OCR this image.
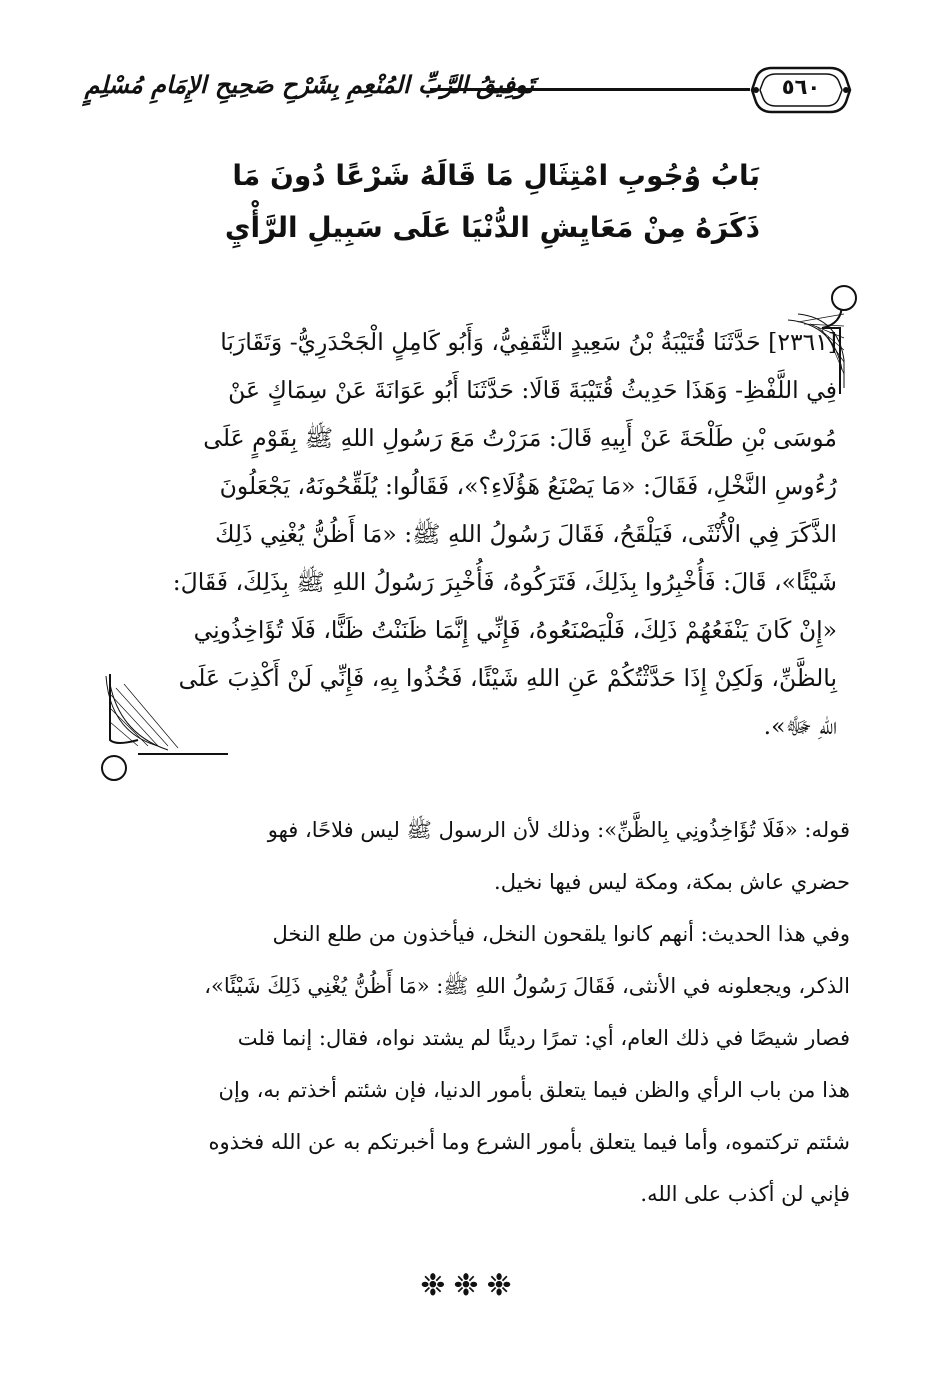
تَوفِيقُ الرَّبِّ المُنْعِمِ بِشَرْحِ صَحِيحِ الإِمَامِ مُسْلِمٍ	٥٦٠
بَابُ وُجُوبِ امْتِثَالِ مَا قَالَهُ شَرْعًا دُونَ مَا
ذَكَرَهُ مِنْ مَعَايِشِ الدُّنْيَا عَلَى سَبِيلِ الرَّأْيِ

[٢٣٦١] حَدَّثَنَا قُتَيْبَةُ بْنُ سَعِيدٍ الثَّقَفِيُّ، وَأَبُو كَامِلٍ الْجَحْدَرِيُّ- وَتَقَارَبَا
فِي اللَّفْظِ- وَهَذَا حَدِيثُ قُتَيْبَةَ قَالَا: حَدَّثَنَا أَبُو عَوَانَةَ عَنْ سِمَاكٍ عَنْ
مُوسَى بْنِ طَلْحَةَ عَنْ أَبِيهِ قَالَ: مَرَرْتُ مَعَ رَسُولِ اللهِ ﷺ بِقَوْمٍ عَلَى
رُءُوسِ النَّخْلِ، فَقَالَ: «مَا يَصْنَعُ هَؤُلَاءِ؟»، فَقَالُوا: يُلَقِّحُونَهُ، يَجْعَلُونَ
الذَّكَرَ فِي الْأُنْثَى، فَيَلْقَحُ، فَقَالَ رَسُولُ اللهِ ﷺ: «مَا أَظُنُّ يُغْنِي ذَلِكَ
شَيْئًا»، قَالَ: فَأُخْبِرُوا بِذَلِكَ، فَتَرَكُوهُ، فَأُخْبِرَ رَسُولُ اللهِ ﷺ بِذَلِكَ، فَقَالَ:
«إِنْ كَانَ يَنْفَعُهُمْ ذَلِكَ، فَلْيَصْنَعُوهُ، فَإِنِّي إِنَّمَا ظَنَنْتُ ظَنًّا، فَلَا تُؤَاخِذُونِي
بِالظَّنِّ، وَلَكِنْ إِذَا حَدَّثْتُكُمْ عَنِ اللهِ شَيْئًا، فَخُذُوا بِهِ، فَإِنِّي لَنْ أَكْذِبَ عَلَى
اللهِ ﷻ».

قوله: «فَلَا تُؤَاخِذُونِي بِالظَّنِّ»: وذلك لأن الرسول ﷺ ليس فلاحًا، فهو
حضري عاش بمكة، ومكة ليس فيها نخيل.
وفي هذا الحديث: أنهم كانوا يلقحون النخل، فيأخذون من طلع النخل
الذكر، ويجعلونه في الأنثى، فَقَالَ رَسُولُ اللهِ ﷺ: «مَا أَظُنُّ يُغْنِي ذَلِكَ شَيْئًا»،
فصار شيصًا في ذلك العام، أي: تمرًا رديئًا لم يشتد نواه، فقال: إنما قلت
هذا من باب الرأي والظن فيما يتعلق بأمور الدنيا، فإن شئتم أخذتم به، وإن
شئتم تركتموه، وأما فيما يتعلق بأمور الشرع وما أخبرتكم به عن الله فخذوه
فإني لن أكذب على الله.

❉❉❉
